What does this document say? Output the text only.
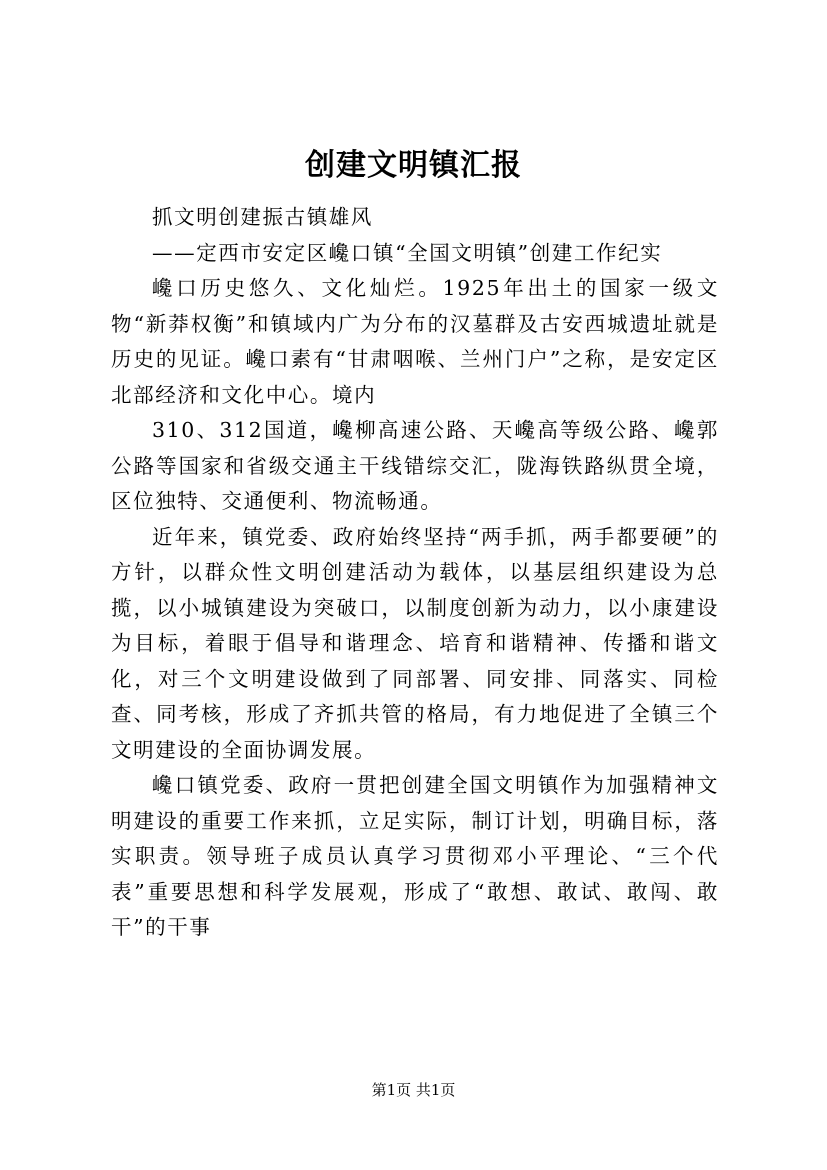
创建文明镇汇报

抓文明创建振古镇雄风

——定西市安定区巉口镇“全国文明镇”创建工作纪实

巉口历史悠久、文化灿烂。1925年出土的国家一级文物“新莽权衡”和镇域内广为分布的汉墓群及古安西城遗址就是历史的见证。巉口素有“甘肃咽喉、兰州门户”之称，是安定区北部经济和文化中心。境内

310、312国道，巉柳高速公路、天巉高等级公路、巉郭公路等国家和省级交通主干线错综交汇，陇海铁路纵贯全境，区位独特、交通便利、物流畅通。

近年来，镇党委、政府始终坚持“两手抓，两手都要硬”的方针，以群众性文明创建活动为载体，以基层组织建设为总揽，以小城镇建设为突破口，以制度创新为动力，以小康建设为目标，着眼于倡导和谐理念、培育和谐精神、传播和谐文化，对三个文明建设做到了同部署、同安排、同落实、同检查、同考核，形成了齐抓共管的格局，有力地促进了全镇三个文明建设的全面协调发展。

巉口镇党委、政府一贯把创建全国文明镇作为加强精神文明建设的重要工作来抓，立足实际，制订计划，明确目标，落实职责。领导班子成员认真学习贯彻邓小平理论、“三个代表”重要思想和科学发展观，形成了“敢想、敢试、敢闯、敢干”的干事

第1页 共1页
